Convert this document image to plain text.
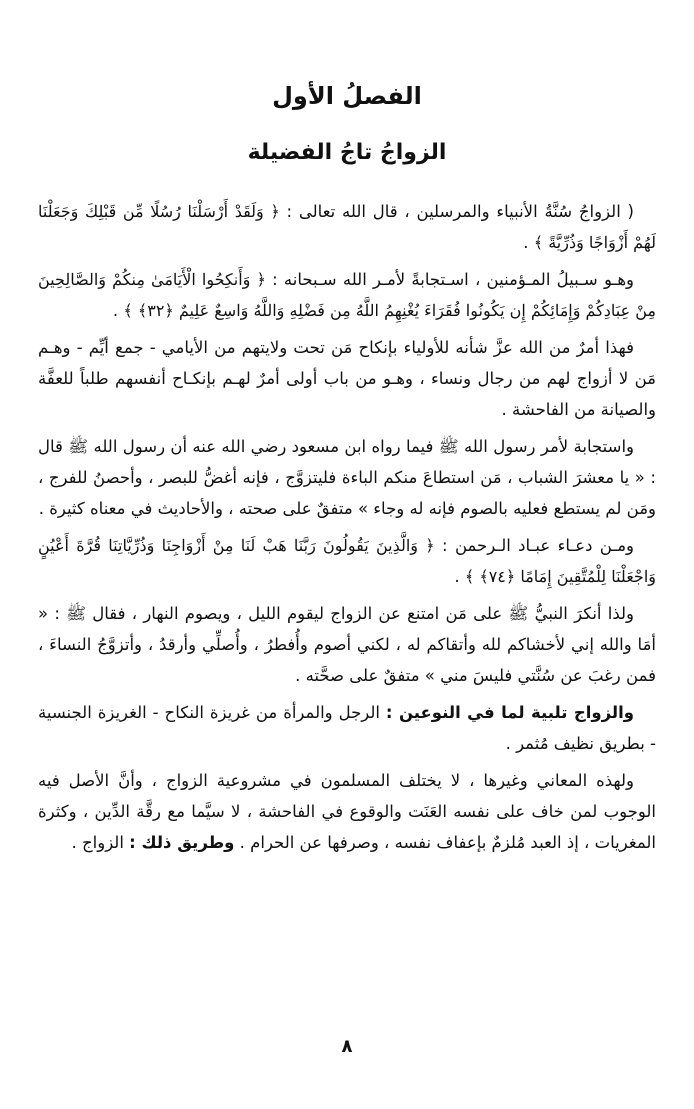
الفصلُ الأول
الزواجُ تاجُ الفضيلة

( الزواجُ سُنَّةُ الأنبياء والمرسلين ، قال الله تعالى : ﴿ وَلَقَدْ أَرْسَلْنَا رُسُلًا مِّن قَبْلِكَ وَجَعَلْنَا لَهُمْ أَزْوَاجًا وَذُرِّيَّةً ﴾ .

وهـو سـبيلُ المـؤمنين ، اسـتجابةً لأمـر الله سـبحانه : ﴿ وَأَنكِحُوا الْأَيَامَىٰ مِنكُمْ وَالصَّالِحِينَ مِنْ عِبَادِكُمْ وَإِمَائِكُمْ إِن يَكُونُوا فُقَرَاءَ يُغْنِهِمُ اللَّهُ مِن فَضْلِهِ وَاللَّهُ وَاسِعٌ عَلِيمٌ ﴿٣٢﴾ ﴾ .

فهذا أمرٌ من الله عزَّ شأنه للأولياء بإنكاح مَن تحت ولايتهم من الأيامي - جمع أيِّم - وهـم مَن لا أزواج لهم من رجال ونساء ، وهـو من باب أولى أمرٌ لهـم بإنكـاح أنفسهم طلباً للعفَّة والصيانة من الفاحشة .

واستجابة لأمر رسول الله ﷺ فيما رواه ابن مسعود رضي الله عنه أن رسول الله ﷺ قال : « يا معشرَ الشباب ، مَن استطاعَ منكم الباءة فليتزوَّج ، فإنه أغضُّ للبصر ، وأحصنُ للفرج ، ومَن لم يستطع فعليه بالصوم فإنه له وجاء » متفقٌ على صحته ، والأحاديث في معناه كثيرة .

ومـن دعـاء عبـاد الـرحمن : ﴿ وَالَّذِينَ يَقُولُونَ رَبَّنَا هَبْ لَنَا مِنْ أَزْوَاجِنَا وَذُرِّيَّاتِنَا قُرَّةَ أَعْيُنٍ وَاجْعَلْنَا لِلْمُتَّقِينَ إِمَامًا ﴿٧٤﴾ ﴾ .

ولذا أنكرَ النبيُّ ﷺ على مَن امتنع عن الزواج ليقوم الليل ، ويصوم النهار ، فقال ﷺ : « أمَا والله إني لأخشاكم لله وأتقاكم له ، لكني أصوم وأُفطرُ ، وأُصلِّي وأرقدُ ، وأتزوَّجُ النساءَ ، فمن رغبَ عن سُنَّتي فليسَ مني » متفقٌ على صحَّته .

والزواج تلبية لما في النوعين : الرجل والمرأة من غريزة النكاح - الغريزة الجنسية - بطريق نظيف مُثمر .

ولهذه المعاني وغيرها ، لا يختلف المسلمون في مشروعية الزواج ، وأنَّ الأصل فيه الوجوب لمن خاف على نفسه العَنَت والوقوع في الفاحشة ، لا سيَّما مع رقَّة الدِّين ، وكثرة المغريات ، إذ العبد مُلزمٌ بإعفاف نفسه ، وصرفها عن الحرام . وطريق ذلك : الزواج .

٨
